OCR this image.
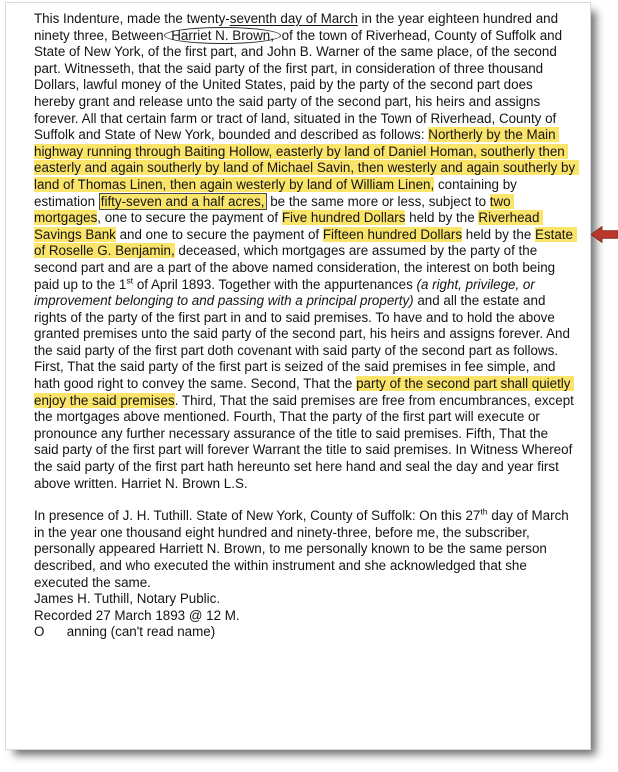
This Indenture, made the twenty-seventh day of March in the year eighteen hundred and ninety three, Between Harriet N. Brown, of the town of Riverhead, County of Suffolk and State of New York, of the first part, and John B. Warner of the same place, of the second part. Witnesseth, that the said party of the first part, in consideration of three thousand Dollars, lawful money of the United States, paid by the party of the second part does hereby grant and release unto the said party of the second part, his heirs and assigns forever. All that certain farm or tract of land, situated in the Town of Riverhead, County of Suffolk and State of New York, bounded and described as follows: Northerly by the Main highway running through Baiting Hollow, easterly by land of Daniel Homan, southerly then easterly and again southerly by land of Michael Savin, then westerly and again southerly by land of Thomas Linen, then again westerly by land of William Linen, containing by estimation fifty-seven and a half acres, be the same more or less, subject to two mortgages, one to secure the payment of Five hundred Dollars held by the Riverhead Savings Bank and one to secure the payment of Fifteen hundred Dollars held by the Estate of Roselle G. Benjamin, deceased, which mortgages are assumed by the party of the second part and are a part of the above named consideration, the interest on both being paid up to the 1st of April 1893. Together with the appurtenances (a right, privilege, or improvement belonging to and passing with a principal property) and all the estate and rights of the party of the first part in and to said premises. To have and to hold the above granted premises unto the said party of the second part, his heirs and assigns forever. And the said party of the first part doth covenant with said party of the second part as follows. First, That the said party of the first part is seized of the said premises in fee simple, and hath good right to convey the same. Second, That the party of the second part shall quietly enjoy the said premises. Third, That the said premises are free from encumbrances, except the mortgages above mentioned. Fourth, That the party of the first part will execute or pronounce any further necessary assurance of the title to said premises. Fifth, That the said party of the first part will forever Warrant the title to said premises. In Witness Whereof the said party of the first part hath hereunto set here hand and seal the day and year first above written. Harriet N. Brown L.S.

In presence of J. H. Tuthill. State of New York, County of Suffolk: On this 27th day of March in the year one thousand eight hundred and ninety-three, before me, the subscriber, personally appeared Harriett N. Brown, to me personally known to be the same person described, and who executed the within instrument and she acknowledged that she executed the same.

James H. Tuthill, Notary Public.

Recorded 27 March 1893 @ 12 M.

O      anning (can't read name)
